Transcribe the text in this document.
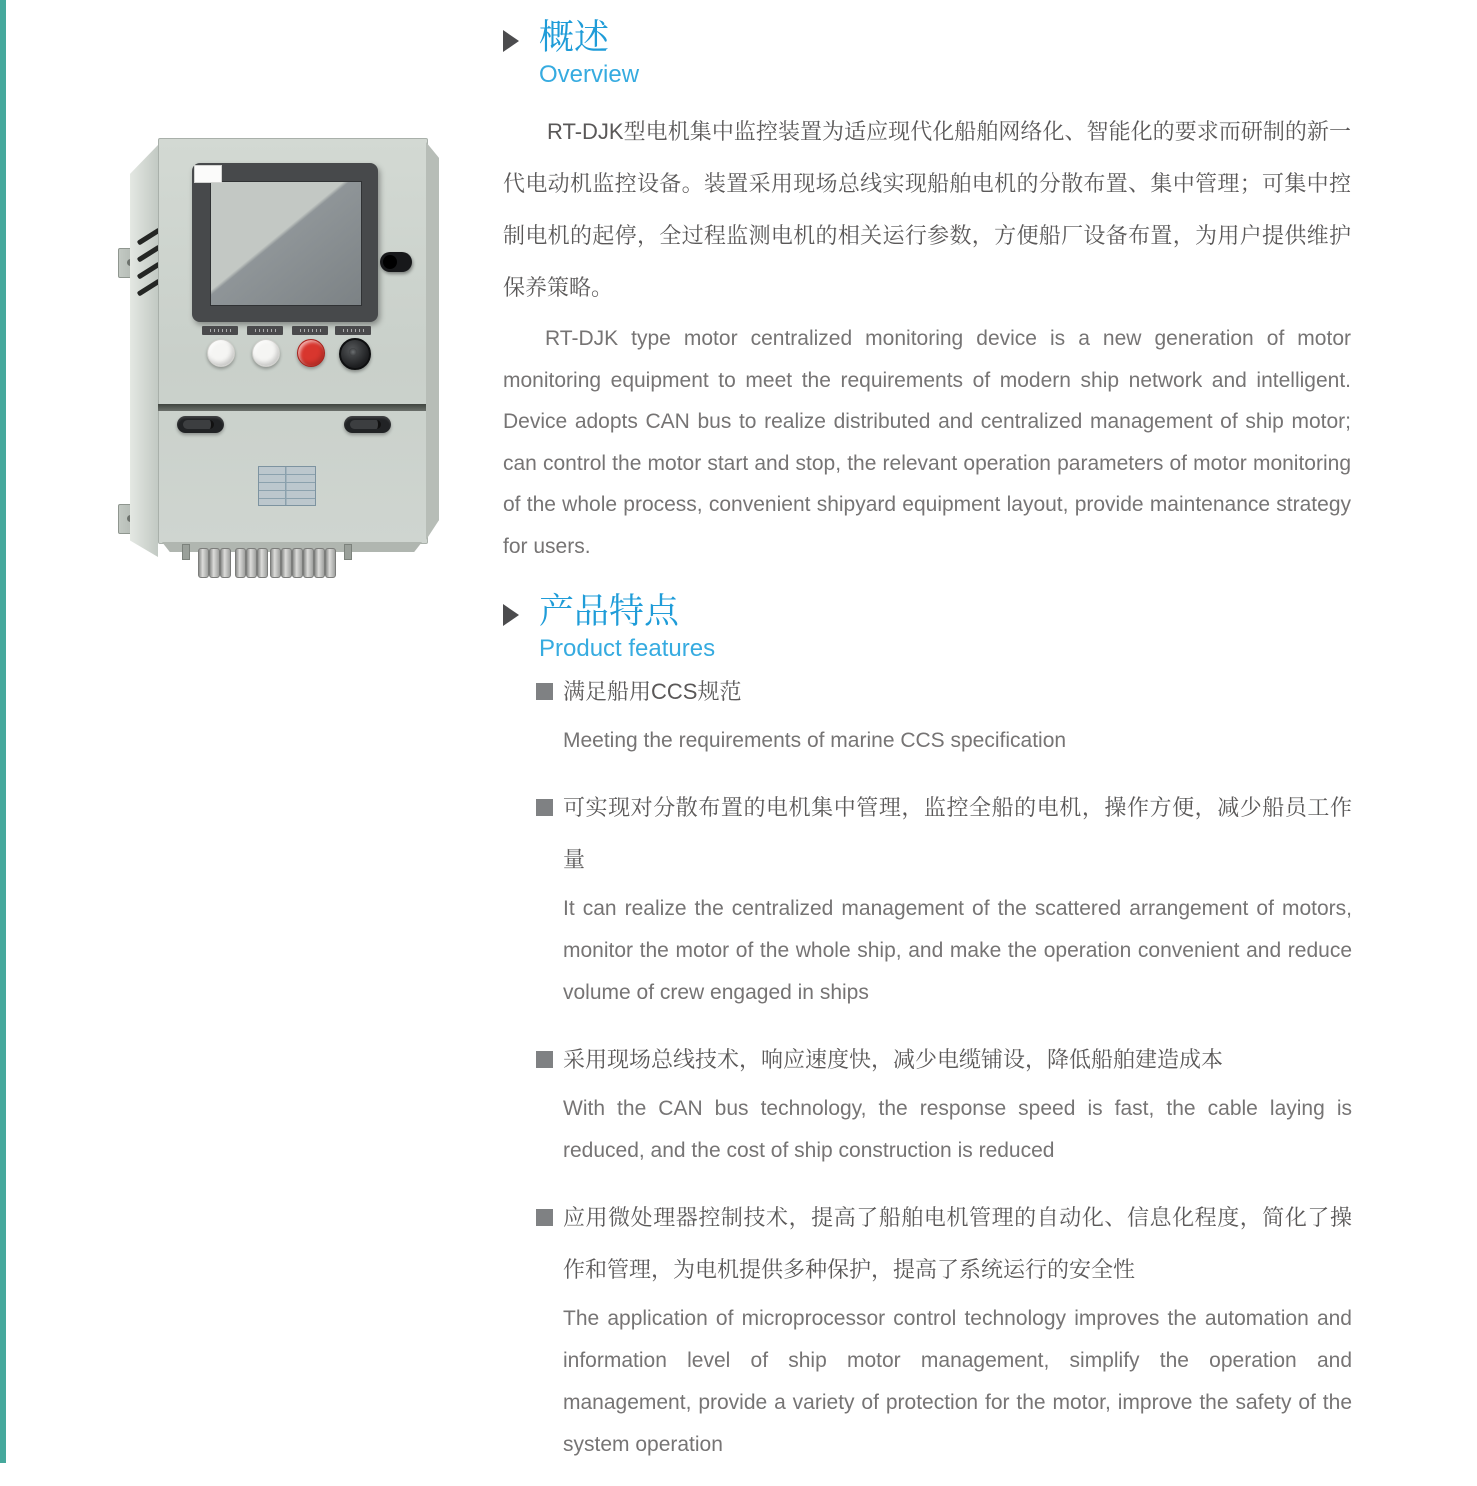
概述
Overview
RT-DJK型电机集中监控装置为适应现代化船舶网络化、智能化的要求而研制的新一代电动机监控设备。装置采用现场总线实现船舶电机的分散布置、集中管理；可集中控制电机的起停，全过程监测电机的相关运行参数，方便船厂设备布置，为用户提供维护保养策略。
RT-DJK type motor centralized monitoring device is a new generation of motor monitoring equipment to meet the requirements of modern ship network and intelligent. Device adopts CAN bus to realize distributed and centralized management of ship motor; can control the motor start and stop, the relevant operation parameters of motor monitoring of the whole process, convenient shipyard equipment layout, provide maintenance strategy for users.
产品特点
Product features
满足船用CCS规范
Meeting the requirements of marine CCS specification
可实现对分散布置的电机集中管理，监控全船的电机，操作方便，减少船员工作量
It can realize the centralized management of the scattered arrangement of motors, monitor the motor of the whole ship, and make the operation convenient and reduce volume of crew engaged in ships
采用现场总线技术，响应速度快，减少电缆铺设，降低船舶建造成本
With the CAN bus technology, the response speed is fast, the cable laying is reduced, and the cost of ship construction is reduced
应用微处理器控制技术，提高了船舶电机管理的自动化、信息化程度，简化了操作和管理，为电机提供多种保护，提高了系统运行的安全性
The application of microprocessor control technology improves the automation and information level of ship motor management, simplify the operation and management, provide a variety of protection for the motor, improve the safety of the system operation
